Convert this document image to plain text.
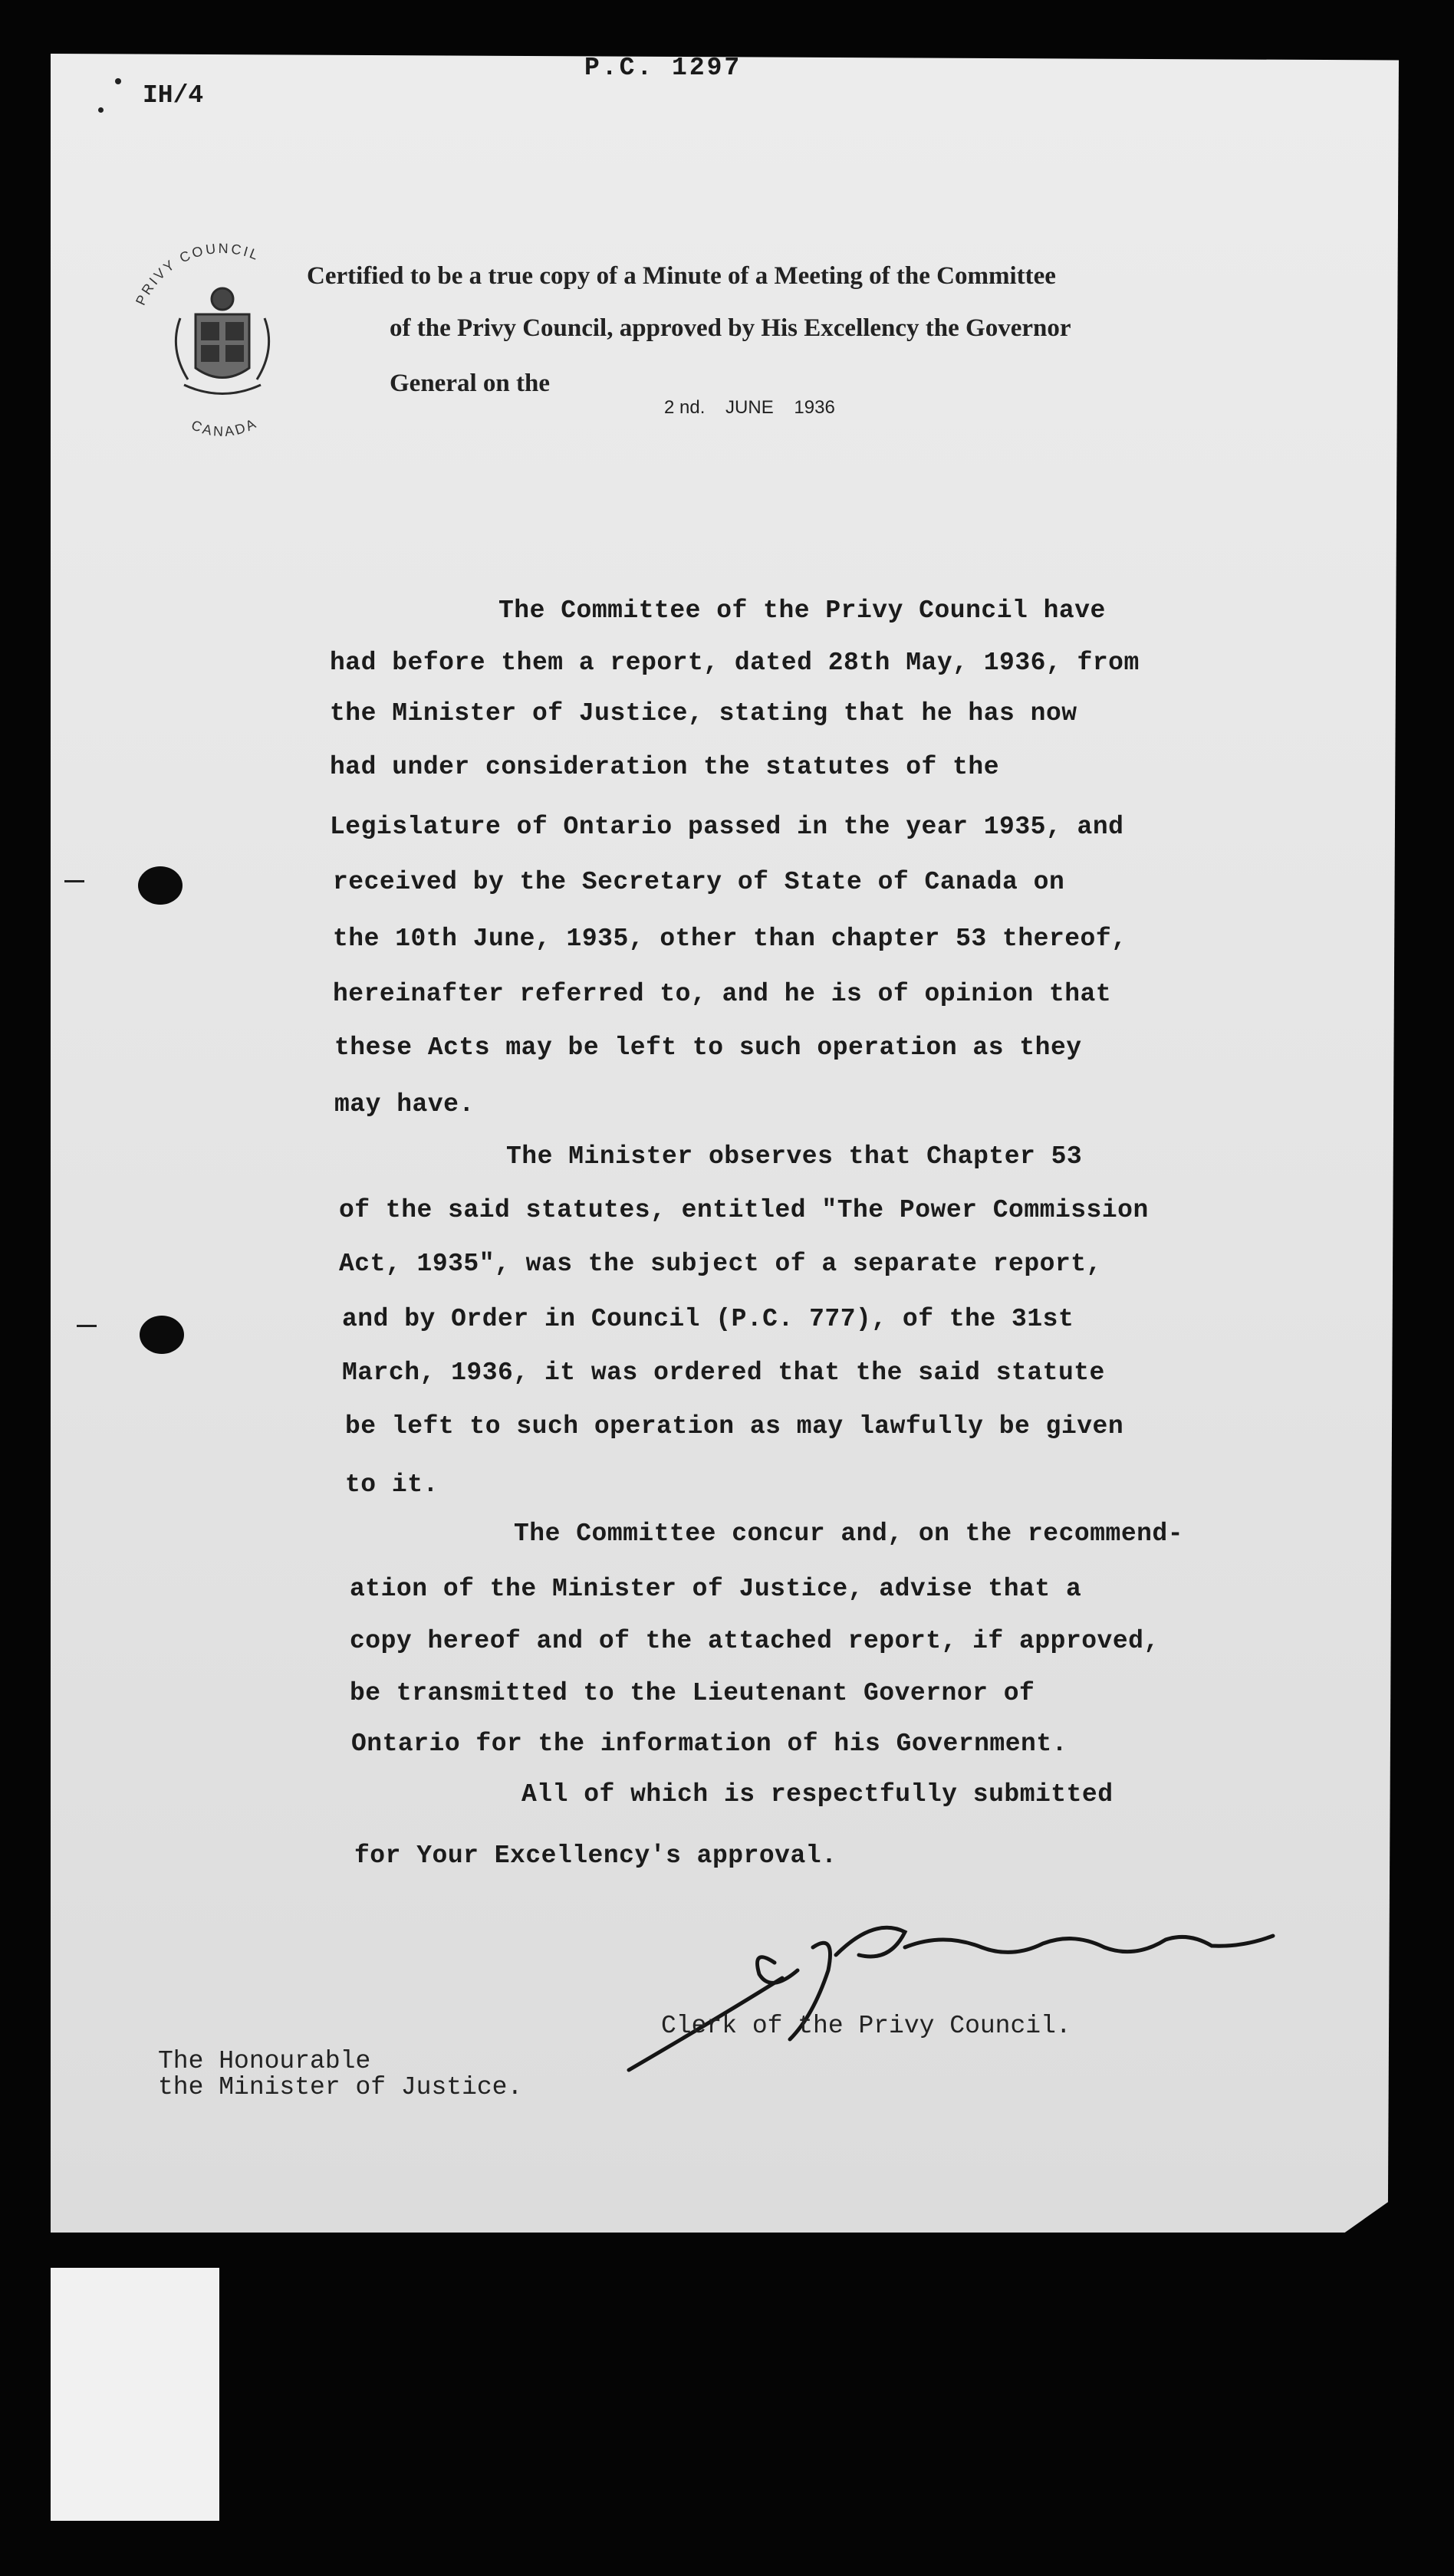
P.C. 1297
IH/4
PRIVY COUNCIL
CANADA
Certified to be a true copy of a Minute of a Meeting of the Committee
of the Privy Council, approved by His Excellency the Governor
General on the
2 nd.    JUNE    1936
The Committee of the Privy Council have
had before them a report, dated 28th May, 1936, from
the Minister of Justice, stating that he has now
had under consideration the statutes of the
Legislature of Ontario passed in the year 1935, and
received by the Secretary of State of Canada on
the 10th June, 1935, other than chapter 53 thereof,
hereinafter referred to, and he is of opinion that
these Acts may be left to such operation as they
may have.
The Minister observes that Chapter 53
of the said statutes, entitled "The Power Commission
Act, 1935", was the subject of a separate report,
and by Order in Council (P.C. 777), of the 31st
March, 1936, it was ordered that the said statute
be left to such operation as may lawfully be given
to it.
The Committee concur and, on the recommend-
ation of the Minister of Justice, advise that a
copy hereof and of the attached report, if approved,
be transmitted to the Lieutenant Governor of
Ontario for the information of his Government.
All of which is respectfully submitted
for Your Excellency's approval.
Clerk of the Privy Council.
The Honourable
the Minister of Justice.
